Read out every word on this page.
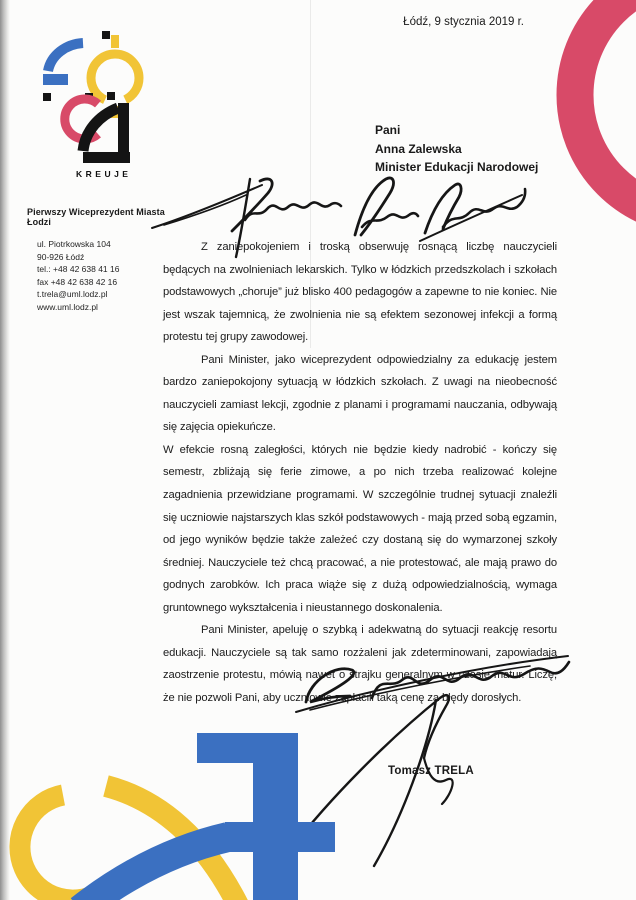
KREUJE
Łódź, 9 stycznia 2019 r.
Pierwszy Wiceprezydent Miasta Łodzi
ul. Piotrkowska 104
90-926 Łódź
tel.: +48 42 638 41 16
fax +48 42 638 42 16
t.trela@uml.lodz.pl
www.uml.lodz.pl
Pani
Anna Zalewska
Minister Edukacji Narodowej

Z zaniepokojeniem i troską obserwuję rosnącą liczbę nauczycieli będących na zwolnieniach lekarskich. Tylko w łódzkich przedszkolach i szkołach podstawowych „choruje” już blisko 400 pedagogów a zapewne to nie koniec. Nie jest wszak tajemnicą, że zwolnienia nie są efektem sezonowej infekcji a formą protestu tej grupy zawodowej.

Pani Minister, jako wiceprezydent odpowiedzialny za edukację jestem bardzo zaniepokojony sytuacją w łódzkich szkołach. Z uwagi na nieobecność nauczycieli zamiast lekcji, zgodnie z planami i programami nauczania, odbywają się zajęcia opiekuńcze.

W efekcie rosną zaległości, których nie będzie kiedy nadrobić - kończy się semestr, zbliżają się ferie zimowe, a po nich trzeba realizować kolejne zagadnienia przewidziane programami. W szczególnie trudnej sytuacji znaleźli się uczniowie najstarszych klas szkół podstawowych - mają przed sobą egzamin, od jego wyników będzie także zależeć czy dostaną się do wymarzonej szkoły średniej. Nauczyciele też chcą pracować, a nie protestować, ale mają prawo do godnych zarobków. Ich praca wiąże się z dużą odpowiedzialnością, wymaga gruntownego wykształcenia i nieustannego doskonalenia.

Pani Minister, apeluję o szybką i adekwatną do sytuacji reakcję resortu edukacji. Nauczyciele są tak samo rozżaleni jak zdeterminowani, zapowiadają zaostrzenie protestu, mówią nawet o strajku generalnym w czasie matur. Liczę, że nie pozwoli Pani, aby uczniowie zapłacili taką cenę za błędy dorosłych.

Tomasz TRELA
